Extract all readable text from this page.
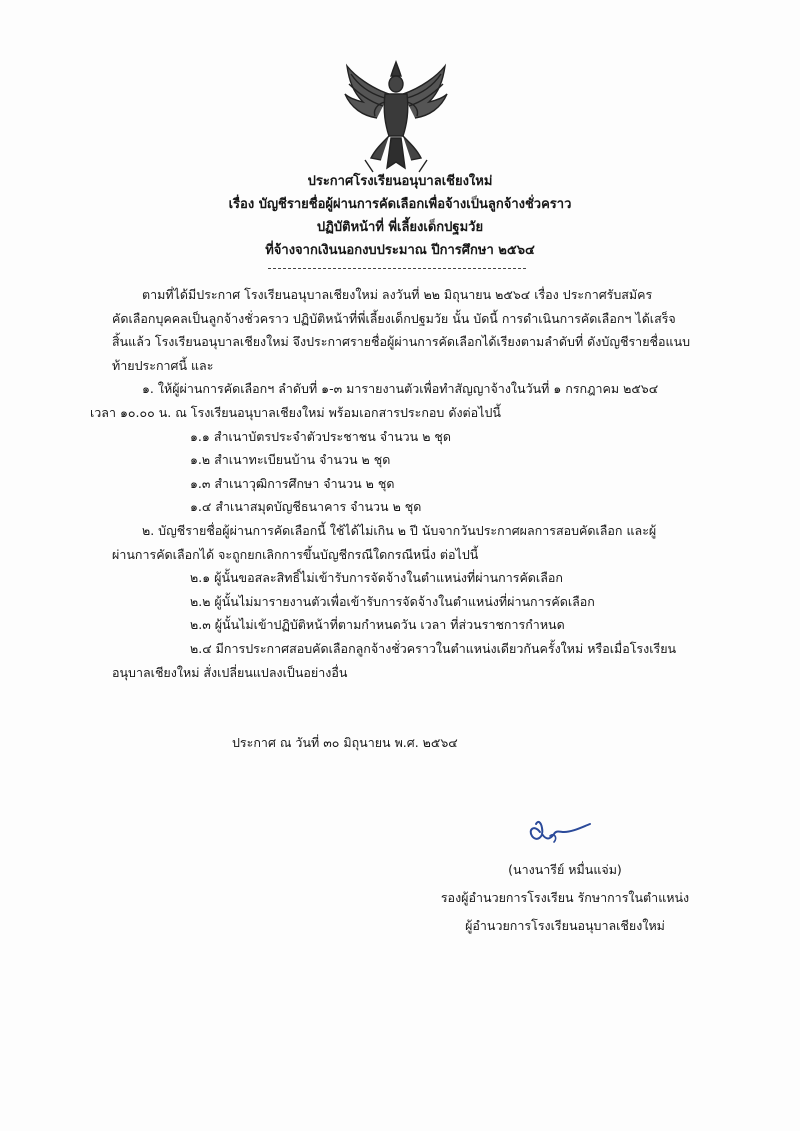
ประกาศโรงเรียนอนุบาลเชียงใหม่
เรื่อง บัญชีรายชื่อผู้ผ่านการคัดเลือกเพื่อจ้างเป็นลูกจ้างชั่วคราว
ปฏิบัติหน้าที่ พี่เลี้ยงเด็กปฐมวัย
ที่จ้างจากเงินนอกงบประมาณ ปีการศึกษา ๒๕๖๔
ตามที่ได้มีประกาศ โรงเรียนอนุบาลเชียงใหม่ ลงวันที่ ๒๒ มิถุนายน ๒๕๖๔ เรื่อง ประกาศรับสมัคร
คัดเลือกบุคคลเป็นลูกจ้างชั่วคราว ปฏิบัติหน้าที่พี่เลี้ยงเด็กปฐมวัย นั้น บัดนี้ การดำเนินการคัดเลือกฯ ได้เสร็จ
สิ้นแล้ว โรงเรียนอนุบาลเชียงใหม่ จึงประกาศรายชื่อผู้ผ่านการคัดเลือกได้เรียงตามลำดับที่ ดังบัญชีรายชื่อแนบ
ท้ายประกาศนี้ และ
๑. ให้ผู้ผ่านการคัดเลือกฯ ลำดับที่ ๑-๓ มารายงานตัวเพื่อทำสัญญาจ้างในวันที่ ๑ กรกฎาคม ๒๕๖๔
เวลา ๑๐.๐๐ น. ณ โรงเรียนอนุบาลเชียงใหม่ พร้อมเอกสารประกอบ ดังต่อไปนี้
๑.๑ สำเนาบัตรประจำตัวประชาชน จำนวน ๒ ชุด
๑.๒ สำเนาทะเบียนบ้าน จำนวน ๒ ชุด
๑.๓ สำเนาวุฒิการศึกษา จำนวน ๒ ชุด
๑.๔ สำเนาสมุดบัญชีธนาคาร จำนวน ๒ ชุด
๒. บัญชีรายชื่อผู้ผ่านการคัดเลือกนี้ ใช้ได้ไม่เกิน ๒ ปี นับจากวันประกาศผลการสอบคัดเลือก และผู้
ผ่านการคัดเลือกได้ จะถูกยกเลิกการขึ้นบัญชีกรณีใดกรณีหนึ่ง ต่อไปนี้
๒.๑ ผู้นั้นขอสละสิทธิ์ไม่เข้ารับการจัดจ้างในตำแหน่งที่ผ่านการคัดเลือก
๒.๒ ผู้นั้นไม่มารายงานตัวเพื่อเข้ารับการจัดจ้างในตำแหน่งที่ผ่านการคัดเลือก
๒.๓ ผู้นั้นไม่เข้าปฏิบัติหน้าที่ตามกำหนดวัน เวลา ที่ส่วนราชการกำหนด
๒.๔ มีการประกาศสอบคัดเลือกลูกจ้างชั่วคราวในตำแหน่งเดียวกันครั้งใหม่ หรือเมื่อโรงเรียน
อนุบาลเชียงใหม่ สั่งเปลี่ยนแปลงเป็นอย่างอื่น
ประกาศ ณ วันที่ ๓๐ มิถุนายน พ.ศ. ๒๕๖๔
(นางนารีย์ หมื่นแจ่ม)
รองผู้อำนวยการโรงเรียน รักษาการในตำแหน่ง
ผู้อำนวยการโรงเรียนอนุบาลเชียงใหม่
